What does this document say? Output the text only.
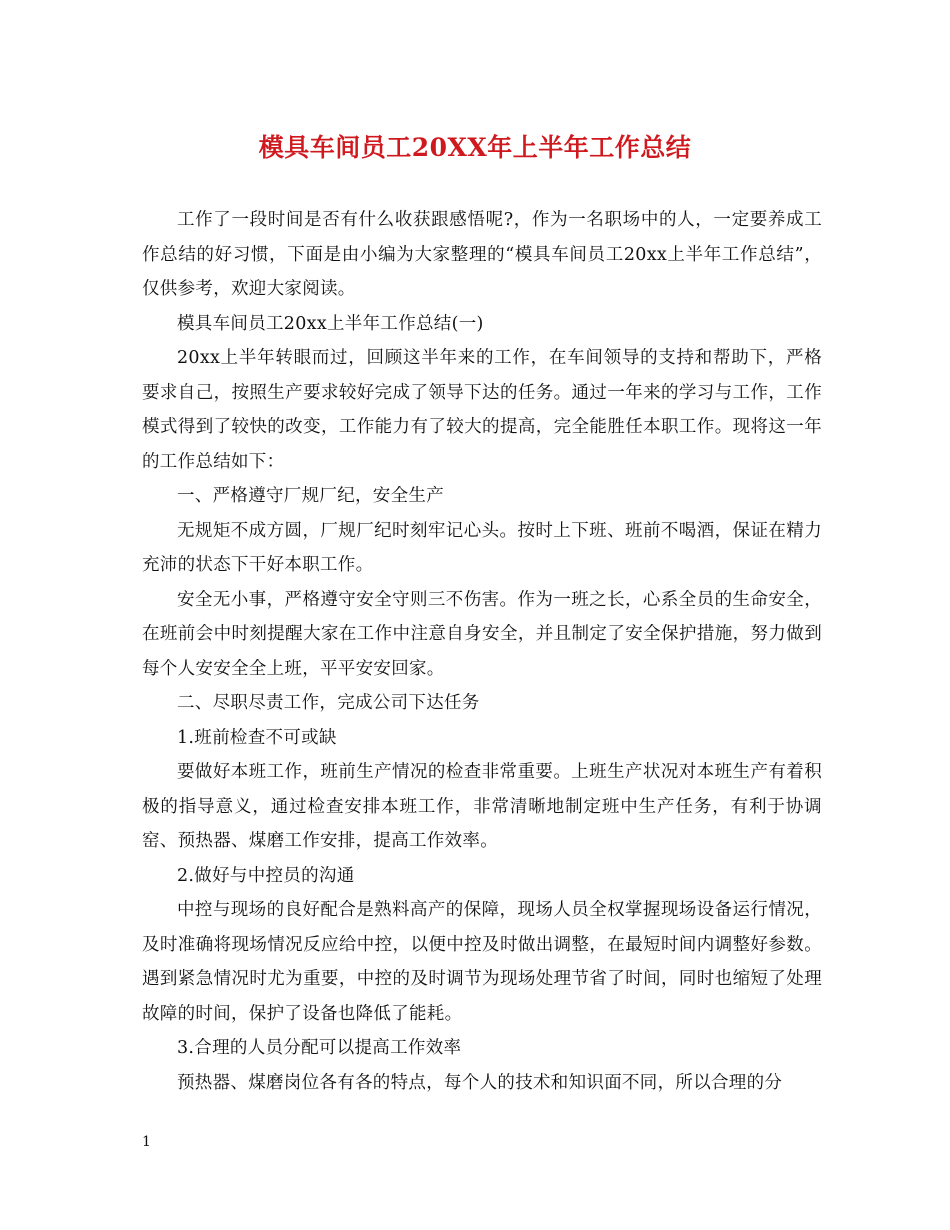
模具车间员工20XX年上半年工作总结

工作了一段时间是否有什么收获跟感悟呢?，作为一名职场中的人，一定要养成工作总结的好习惯，下面是由小编为大家整理的“模具车间员工20xx上半年工作总结”，仅供参考，欢迎大家阅读。

模具车间员工20xx上半年工作总结(一)

20xx上半年转眼而过，回顾这半年来的工作，在车间领导的支持和帮助下，严格要求自己，按照生产要求较好完成了领导下达的任务。通过一年来的学习与工作，工作模式得到了较快的改变，工作能力有了较大的提高，完全能胜任本职工作。现将这一年的工作总结如下：

一、严格遵守厂规厂纪，安全生产

无规矩不成方圆，厂规厂纪时刻牢记心头。按时上下班、班前不喝酒，保证在精力充沛的状态下干好本职工作。

安全无小事，严格遵守安全守则三不伤害。作为一班之长，心系全员的生命安全，在班前会中时刻提醒大家在工作中注意自身安全，并且制定了安全保护措施，努力做到每个人安安全全上班，平平安安回家。

二、尽职尽责工作，完成公司下达任务

1.班前检查不可或缺

要做好本班工作，班前生产情况的检查非常重要。上班生产状况对本班生产有着积极的指导意义，通过检查安排本班工作，非常清晰地制定班中生产任务，有利于协调窑、预热器、煤磨工作安排，提高工作效率。

2.做好与中控员的沟通

中控与现场的良好配合是熟料高产的保障，现场人员全权掌握现场设备运行情况，及时准确将现场情况反应给中控，以便中控及时做出调整，在最短时间内调整好参数。遇到紧急情况时尤为重要，中控的及时调节为现场处理节省了时间，同时也缩短了处理故障的时间，保护了设备也降低了能耗。

3.合理的人员分配可以提高工作效率

预热器、煤磨岗位各有各的特点，每个人的技术和知识面不同，所以合理的分

1
